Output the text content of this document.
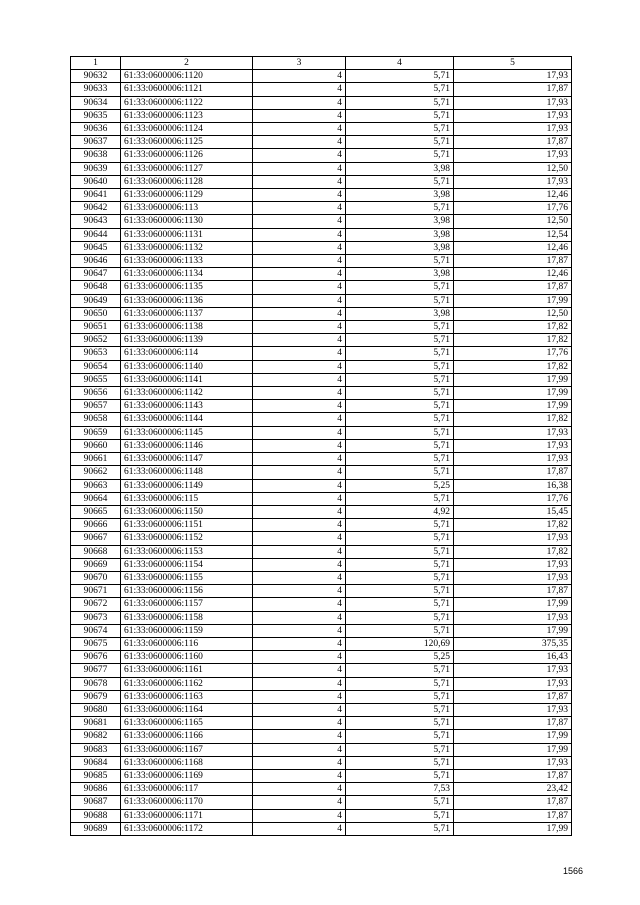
1	2	3	4	5
90632	61:33:0600006:1120	4	5,71	17,93
90633	61:33:0600006:1121	4	5,71	17,87
90634	61:33:0600006:1122	4	5,71	17,93
90635	61:33:0600006:1123	4	5,71	17,93
90636	61:33:0600006:1124	4	5,71	17,93
90637	61:33:0600006:1125	4	5,71	17,87
90638	61:33:0600006:1126	4	5,71	17,93
90639	61:33:0600006:1127	4	3,98	12,50
90640	61:33:0600006:1128	4	5,71	17,93
90641	61:33:0600006:1129	4	3,98	12,46
90642	61:33:0600006:113	4	5,71	17,76
90643	61:33:0600006:1130	4	3,98	12,50
90644	61:33:0600006:1131	4	3,98	12,54
90645	61:33:0600006:1132	4	3,98	12,46
90646	61:33:0600006:1133	4	5,71	17,87
90647	61:33:0600006:1134	4	3,98	12,46
90648	61:33:0600006:1135	4	5,71	17,87
90649	61:33:0600006:1136	4	5,71	17,99
90650	61:33:0600006:1137	4	3,98	12,50
90651	61:33:0600006:1138	4	5,71	17,82
90652	61:33:0600006:1139	4	5,71	17,82
90653	61:33:0600006:114	4	5,71	17,76
90654	61:33:0600006:1140	4	5,71	17,82
90655	61:33:0600006:1141	4	5,71	17,99
90656	61:33:0600006:1142	4	5,71	17,99
90657	61:33:0600006:1143	4	5,71	17,99
90658	61:33:0600006:1144	4	5,71	17,82
90659	61:33:0600006:1145	4	5,71	17,93
90660	61:33:0600006:1146	4	5,71	17,93
90661	61:33:0600006:1147	4	5,71	17,93
90662	61:33:0600006:1148	4	5,71	17,87
90663	61:33:0600006:1149	4	5,25	16,38
90664	61:33:0600006:115	4	5,71	17,76
90665	61:33:0600006:1150	4	4,92	15,45
90666	61:33:0600006:1151	4	5,71	17,82
90667	61:33:0600006:1152	4	5,71	17,93
90668	61:33:0600006:1153	4	5,71	17,82
90669	61:33:0600006:1154	4	5,71	17,93
90670	61:33:0600006:1155	4	5,71	17,93
90671	61:33:0600006:1156	4	5,71	17,87
90672	61:33:0600006:1157	4	5,71	17,99
90673	61:33:0600006:1158	4	5,71	17,93
90674	61:33:0600006:1159	4	5,71	17,99
90675	61:33:0600006:116	4	120,69	375,35
90676	61:33:0600006:1160	4	5,25	16,43
90677	61:33:0600006:1161	4	5,71	17,93
90678	61:33:0600006:1162	4	5,71	17,93
90679	61:33:0600006:1163	4	5,71	17,87
90680	61:33:0600006:1164	4	5,71	17,93
90681	61:33:0600006:1165	4	5,71	17,87
90682	61:33:0600006:1166	4	5,71	17,99
90683	61:33:0600006:1167	4	5,71	17,99
90684	61:33:0600006:1168	4	5,71	17,93
90685	61:33:0600006:1169	4	5,71	17,87
90686	61:33:0600006:117	4	7,53	23,42
90687	61:33:0600006:1170	4	5,71	17,87
90688	61:33:0600006:1171	4	5,71	17,87
90689	61:33:0600006:1172	4	5,71	17,99
1566
